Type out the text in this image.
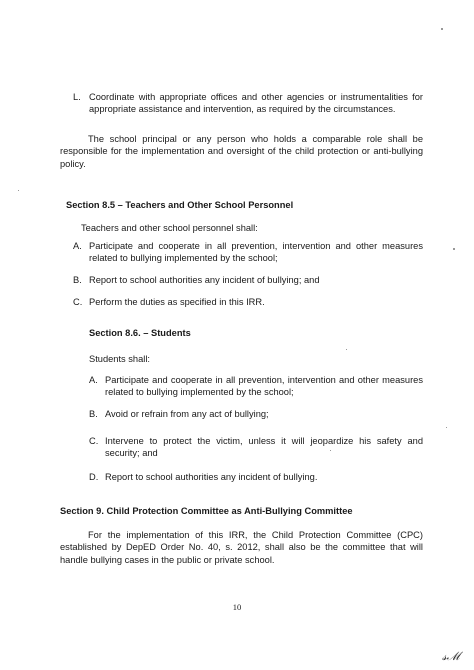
L. Coordinate with appropriate offices and other agencies or instrumentalities for appropriate assistance and intervention, as required by the circumstances.

The school principal or any person who holds a comparable role shall be responsible for the implementation and oversight of the child protection or anti-bullying policy.

Section 8.5 – Teachers and Other School Personnel

Teachers and other school personnel shall:

A. Participate and cooperate in all prevention, intervention and other measures related to bullying implemented by the school;

B. Report to school authorities any incident of bullying; and

C. Perform the duties as specified in this IRR.

Section 8.6. – Students

Students shall:

A. Participate and cooperate in all prevention, intervention and other measures related to bullying implemented by the school;

B. Avoid or refrain from any act of bullying;

C. Intervene to protect the victim, unless it will jeopardize his safety and security; and

D. Report to school authorities any incident of bullying.

Section 9. Child Protection Committee as Anti-Bullying Committee

For the implementation of this IRR, the Child Protection Committee (CPC) established by DepED Order No. 40, s. 2012, shall also be the committee that will handle bullying cases in the public or private school.

10

𝓈ℳ
